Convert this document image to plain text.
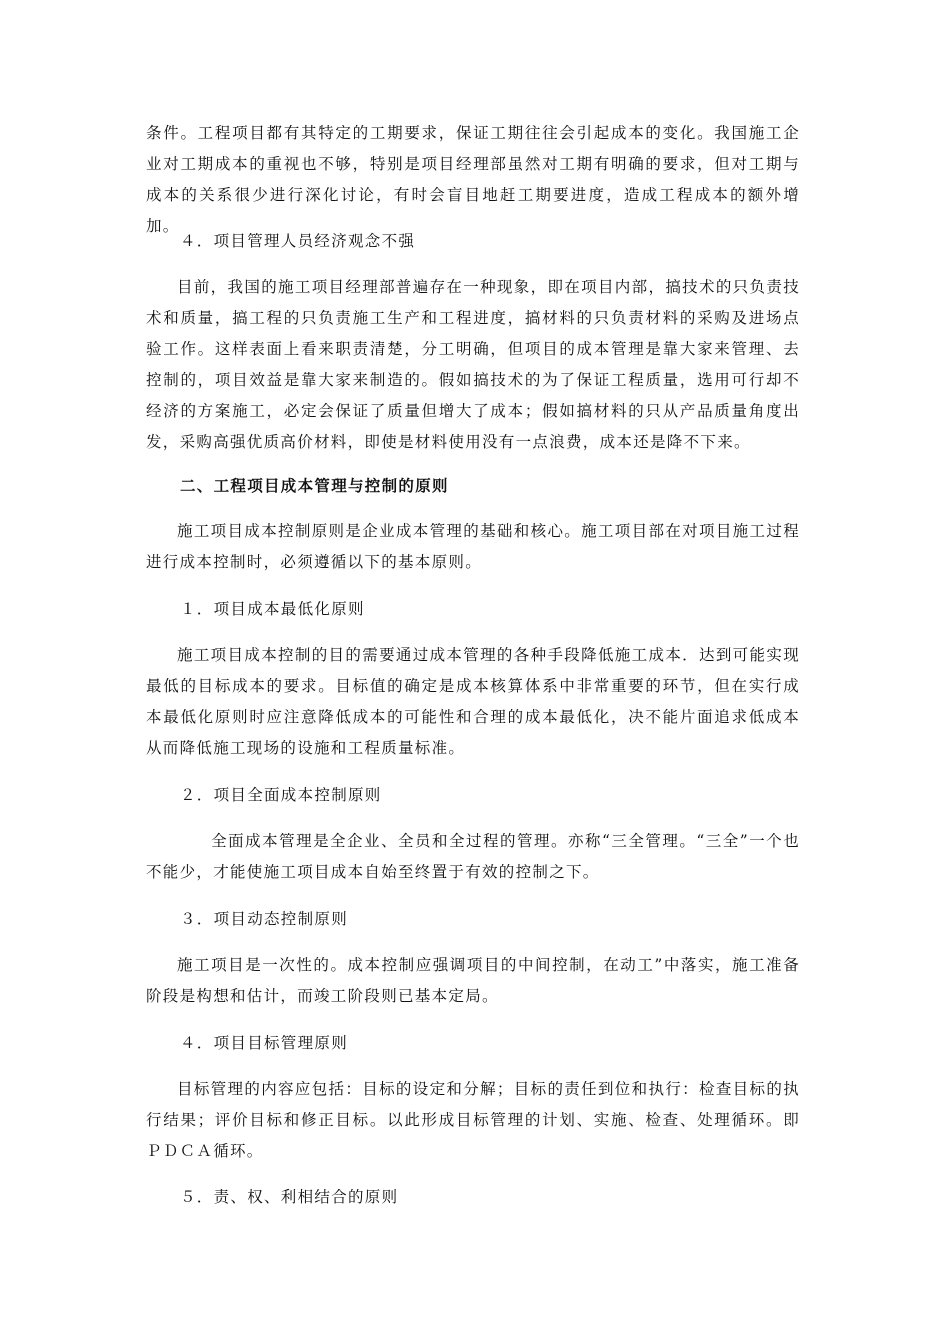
条件。工程项目都有其特定的工期要求，保证工期往往会引起成本的变化。我国施工企业对工期成本的重视也不够，特别是项目经理部虽然对工期有明确的要求，但对工期与成本的关系很少进行深化讨论，有时会盲目地赶工期要进度，造成工程成本的额外增加。

４．项目管理人员经济观念不强

目前，我国的施工项目经理部普遍存在一种现象，即在项目内部，搞技术的只负责技术和质量，搞工程的只负责施工生产和工程进度，搞材料的只负责材料的采购及进场点验工作。这样表面上看来职责清楚，分工明确，但项目的成本管理是靠大家来管理、去控制的，项目效益是靠大家来制造的。假如搞技术的为了保证工程质量，选用可行却不经济的方案施工，必定会保证了质量但增大了成本；假如搞材料的只从产品质量角度出发，采购高强优质高价材料，即使是材料使用没有一点浪费，成本还是降不下来。

二、工程项目成本管理与控制的原则

施工项目成本控制原则是企业成本管理的基础和核心。施工项目部在对项目施工过程进行成本控制时，必须遵循以下的基本原则。

１．项目成本最低化原则

施工项目成本控制的目的需要通过成本管理的各种手段降低施工成本．达到可能实现最低的目标成本的要求。目标值的确定是成本核算体系中非常重要的环节，但在实行成本最低化原则时应注意降低成本的可能性和合理的成本最低化，决不能片面追求低成本从而降低施工现场的设施和工程质量标准。

２．项目全面成本控制原则

全面成本管理是全企业、全员和全过程的管理。亦称“三全管理。“三全”一个也不能少，才能使施工项目成本自始至终置于有效的控制之下。

３．项目动态控制原则

施工项目是一次性的。成本控制应强调项目的中间控制，在动工”中落实，施工准备阶段是构想和估计，而竣工阶段则已基本定局。

４．项目目标管理原则

目标管理的内容应包括：目标的设定和分解；目标的责任到位和执行：检查目标的执行结果；评价目标和修正目标。以此形成目标管理的计划、实施、检查、处理循环。即ＰＤＣＡ循环。

５．责、权、利相结合的原则
